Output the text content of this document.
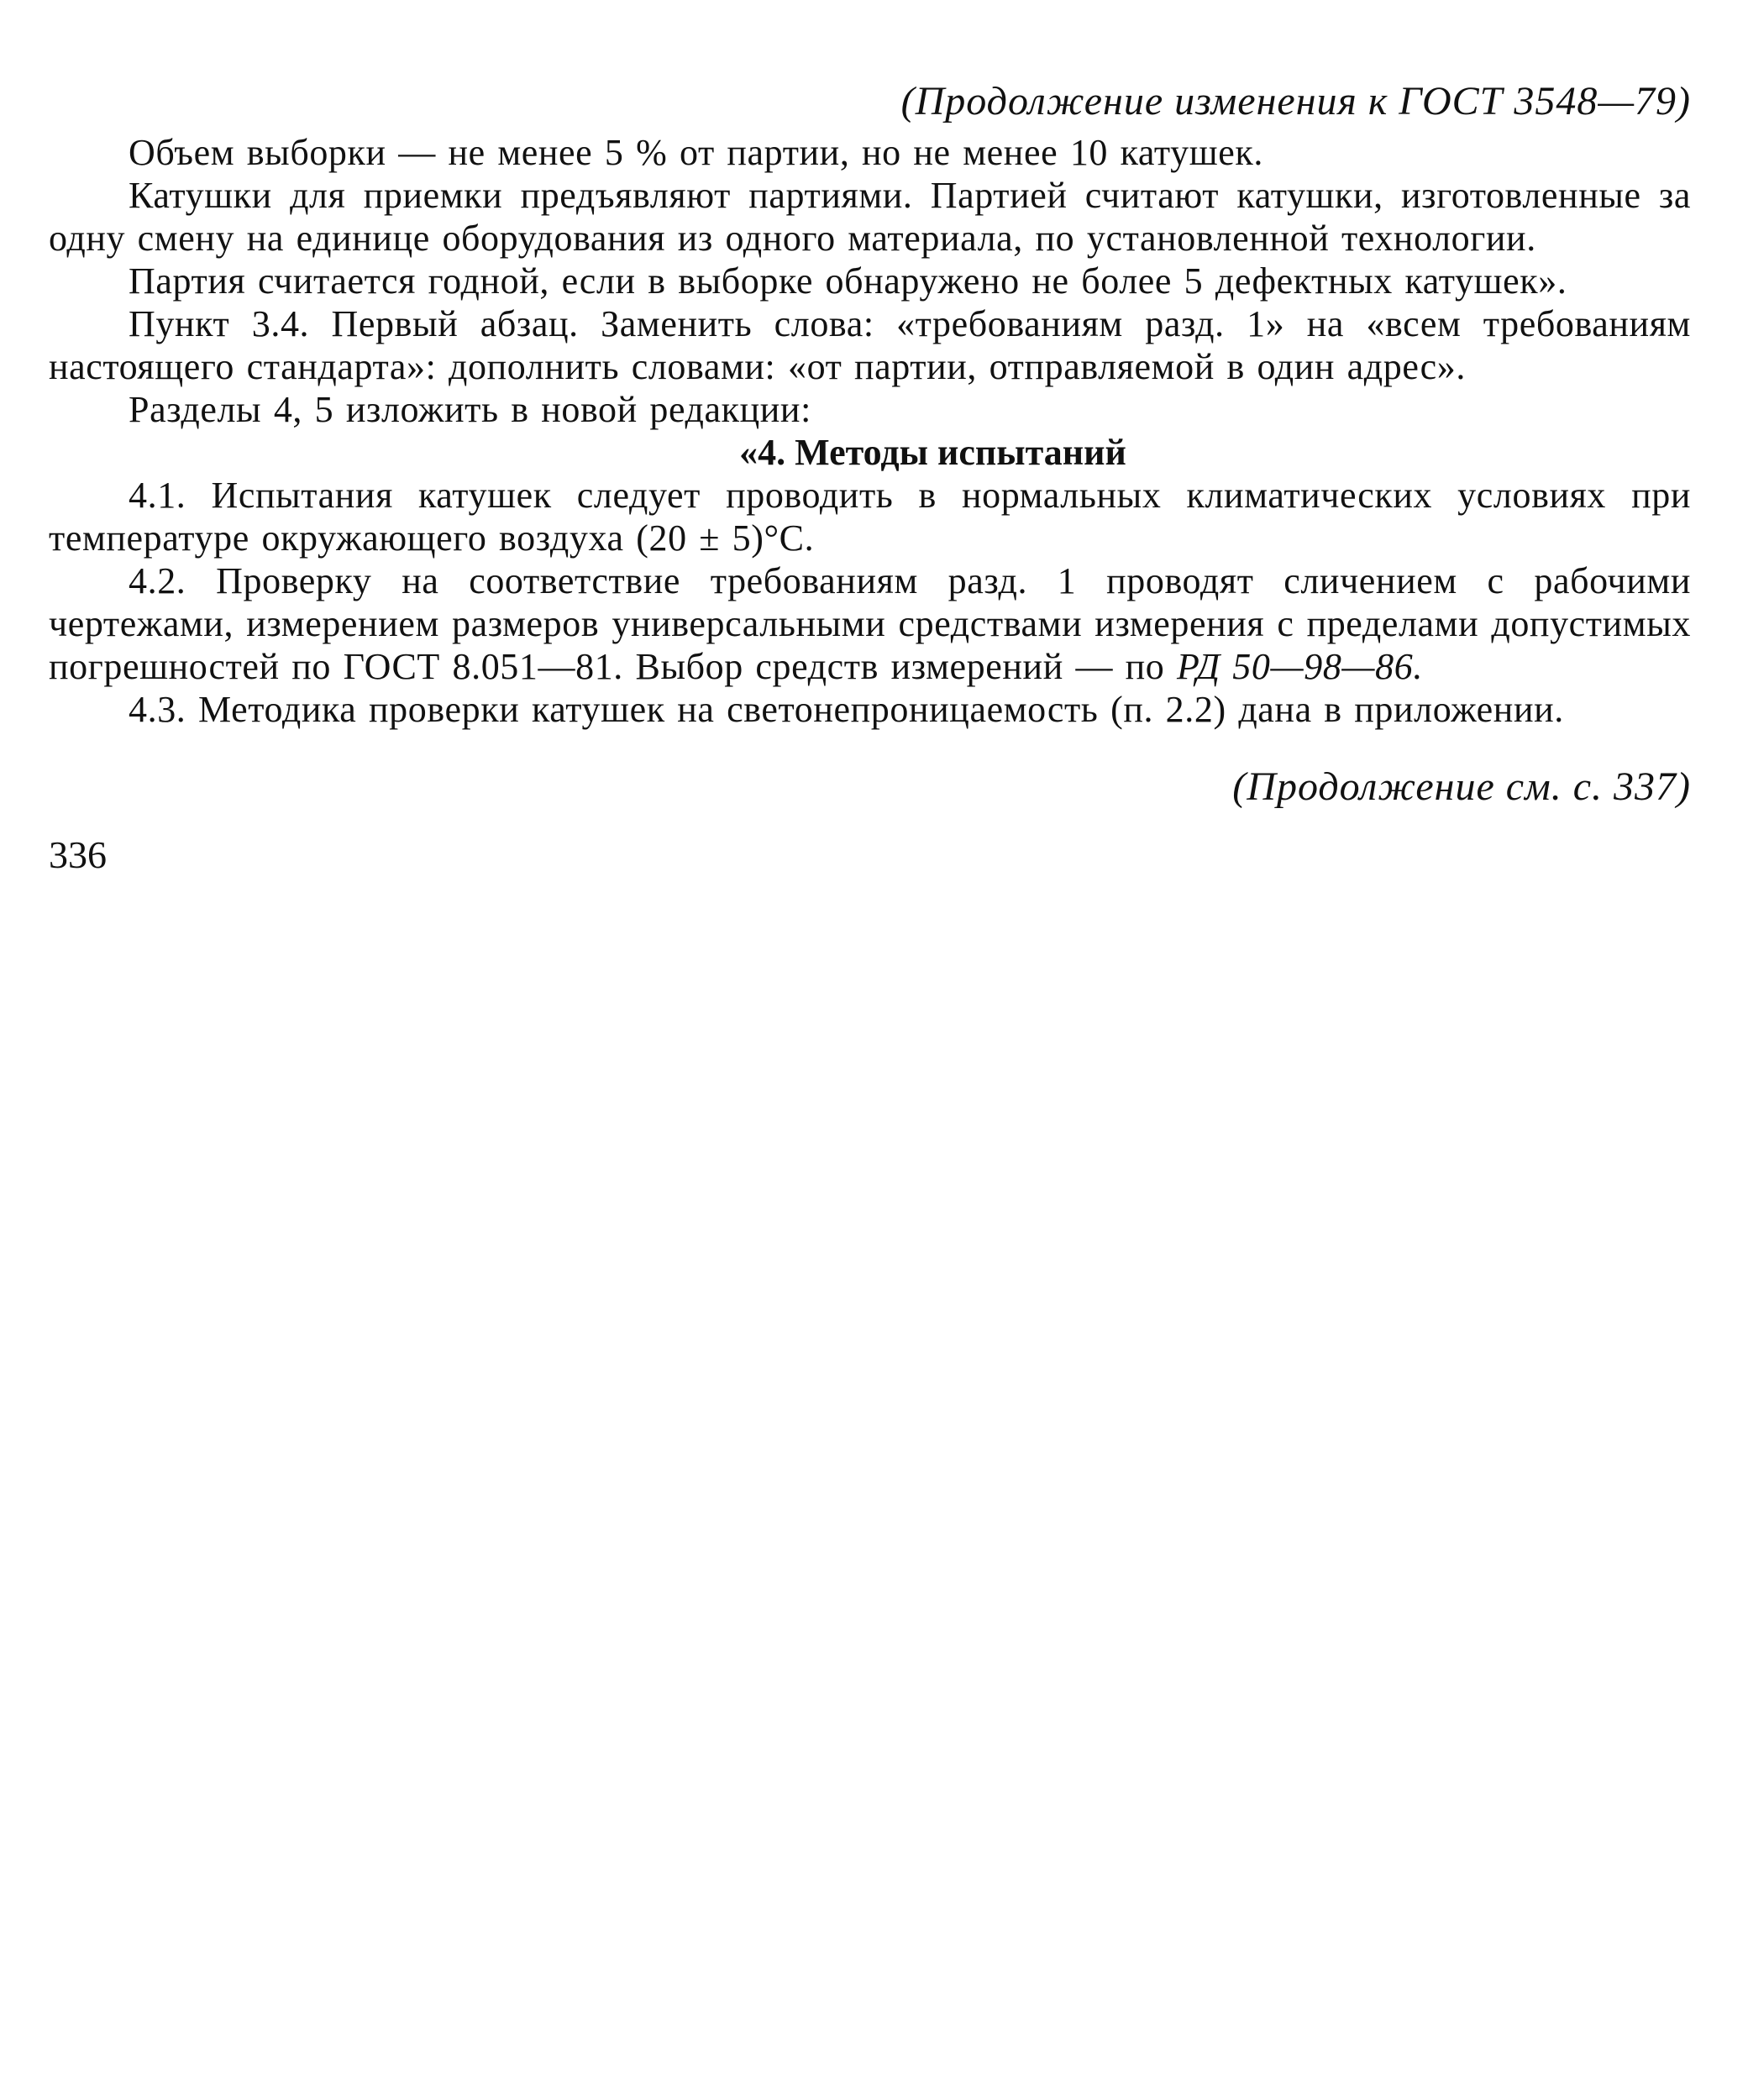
(Продолжение изменения к ГОСТ 3548—79)

Объем выборки — не менее 5 % от партии, но не менее 10 катушек.

Катушки для приемки предъявляют партиями. Партией считают катушки, изготовленные за одну смену на единице оборудования из одного материала, по установленной технологии.

Партия считается годной, если в выборке обнаружено не более 5 дефектных катушек».

Пункт 3.4. Первый абзац. Заменить слова: «требованиям разд. 1» на «всем требованиям настоящего стандарта»: дополнить словами: «от партии, отправляемой в один адрес».

Разделы 4, 5 изложить в новой редакции:

«4. Методы испытаний

4.1. Испытания катушек следует проводить в нормальных климатических условиях при температуре окружающего воздуха (20 ± 5)°С.

4.2. Проверку на соответствие требованиям разд. 1 проводят сличением с рабочими чертежами, измерением размеров универсальными средствами измерения с пределами допустимых погрешностей по ГОСТ 8.051—81. Выбор средств измерений — по РД 50—98—86.

4.3. Методика проверки катушек на светонепроницаемость (п. 2.2) дана в приложении.

(Продолжение см. с. 337)

336
